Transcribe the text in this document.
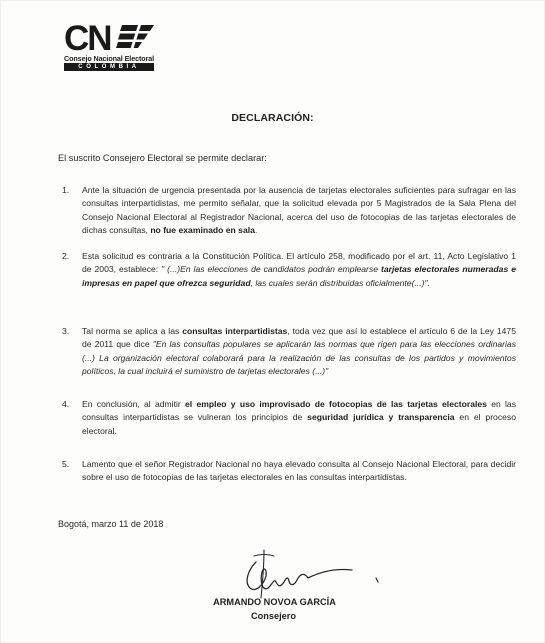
CN
Consejo Nacional Electoral
COLOMBIA
DECLARACIÓN:
El suscrito Consejero Electoral se permite declarar:
1.	Ante la situación de urgencia presentada por la ausencia de tarjetas electorales suficientes para sufragar en las consultas interpartidistas, me permito señalar, que la solicitud elevada por 5 Magistrados de la Sala Plena del Consejo Nacional Electoral al Registrador Nacional, acerca del uso de fotocopias de las tarjetas electorales de dichas consultas, no fue examinado en sala.
2.	Esta solicitud es contraria a la Constitución Política. El artículo 258, modificado por el art. 11, Acto Legislativo 1 de 2003, establece: " (...)En las elecciones de candidatos podrán emplearse tarjetas electorales numeradas e impresas en papel que ofrezca seguridad, las cuales serán distribuidas oficialmente(...)".
3.	Tal norma se aplica a las consultas interpartidistas, toda vez que así lo establece el artículo 6 de la Ley 1475 de 2011 que dice "En las consultas populares se aplicarán las normas que rigen para las elecciones ordinarias (...) La organización electoral colaborará para la realización de las consultas de los partidos y movimientos políticos, la cual incluirá el suministro de tarjetas electorales (...)"
4.	En conclusión, al admitir el empleo y uso improvisado de fotocopias de las tarjetas electorales en las consultas interpartidistas se vulneran los principios de seguridad jurídica y transparencia en el proceso electoral.
5.	Lamento que el señor Registrador Nacional no haya elevado consulta al Consejo Nacional Electoral, para decidir sobre el uso de fotocopias de las tarjetas electorales en las consultas interpartidistas.
Bogotá, marzo 11 de 2018
ARMANDO NOVOA GARCÍA
Consejero
